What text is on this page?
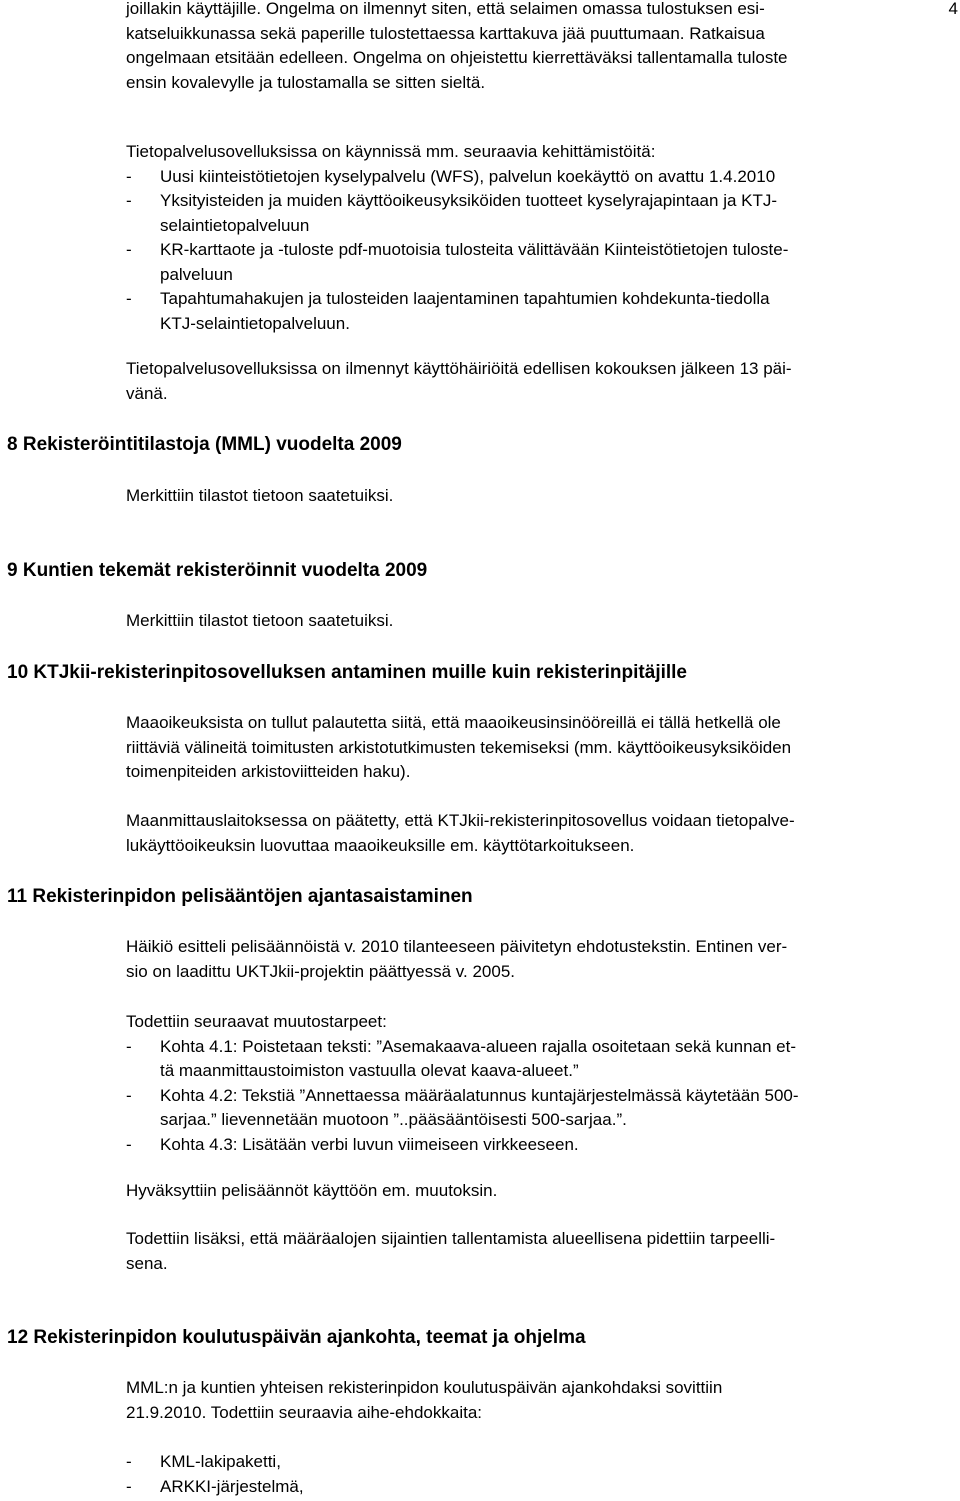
4

joillakin käyttäjille. Ongelma on ilmennyt siten, että selaimen omassa tulostuksen esi-

katseluikkunassa sekä paperille tulostettaessa karttakuva jää puuttumaan. Ratkaisua

ongelmaan etsitään edelleen. Ongelma on ohjeistettu kierrettäväksi tallentamalla tuloste

ensin kovalevylle ja tulostamalla se sitten sieltä.

Tietopalvelusovelluksissa on käynnissä mm. seuraavia kehittämistöitä:

- Uusi kiinteistötietojen kyselypalvelu (WFS), palvelun koekäyttö on avattu 1.4.2010

- Yksityisteiden ja muiden käyttöoikeusyksiköiden tuotteet kyselyrajapintaan ja KTJ-

selaintietopalveluun

- KR-karttaote ja -tuloste pdf-muotoisia tulosteita välittävään Kiinteistötietojen tuloste-

palveluun

- Tapahtumahakujen ja tulosteiden laajentaminen tapahtumien kohdekunta-tiedolla

KTJ-selaintietopalveluun.

Tietopalvelusovelluksissa on ilmennyt käyttöhäiriöitä edellisen kokouksen jälkeen 13 päi-

vänä.

8 Rekisteröintitilastoja (MML) vuodelta 2009

Merkittiin tilastot tietoon saatetuiksi.

9 Kuntien tekemät rekisteröinnit vuodelta 2009

Merkittiin tilastot tietoon saatetuiksi.

10 KTJkii-rekisterinpitosovelluksen antaminen muille kuin rekisterinpitäjille

Maaoikeuksista on tullut palautetta siitä, että maaoikeusinsinööreillä ei tällä hetkellä ole

riittäviä välineitä toimitusten arkistotutkimusten tekemiseksi (mm. käyttöoikeusyksiköiden

toimenpiteiden arkistoviitteiden haku).

Maanmittauslaitoksessa on päätetty, että KTJkii-rekisterinpitosovellus voidaan tietopalve-

lukäyttöoikeuksin luovuttaa maaoikeuksille em. käyttötarkoitukseen.

11 Rekisterinpidon pelisääntöjen ajantasaistaminen

Häikiö esitteli pelisäännöistä v. 2010 tilanteeseen päivitetyn ehdotustekstin. Entinen ver-

sio on laadittu UKTJkii-projektin päättyessä v. 2005.

Todettiin seuraavat muutostarpeet:

- Kohta 4.1: Poistetaan teksti: ”Asemakaava-alueen rajalla osoitetaan sekä kunnan et-

tä maanmittaustoimiston vastuulla olevat kaava-alueet.”

- Kohta 4.2: Tekstiä ”Annettaessa määräalatunnus kuntajärjestelmässä käytetään 500-

sarjaa.” lievennetään muotoon ”..pääsääntöisesti 500-sarjaa.”.

- Kohta 4.3: Lisätään verbi luvun viimeiseen virkkeeseen.

Hyväksyttiin pelisäännöt käyttöön em. muutoksin.

Todettiin lisäksi, että määräalojen sijaintien tallentamista alueellisena pidettiin tarpeelli-

sena.

12 Rekisterinpidon koulutuspäivän ajankohta, teemat ja ohjelma

MML:n ja kuntien yhteisen rekisterinpidon koulutuspäivän ajankohdaksi sovittiin

21.9.2010. Todettiin seuraavia aihe-ehdokkaita:

- KML-lakipaketti,

- ARKKI-järjestelmä,
